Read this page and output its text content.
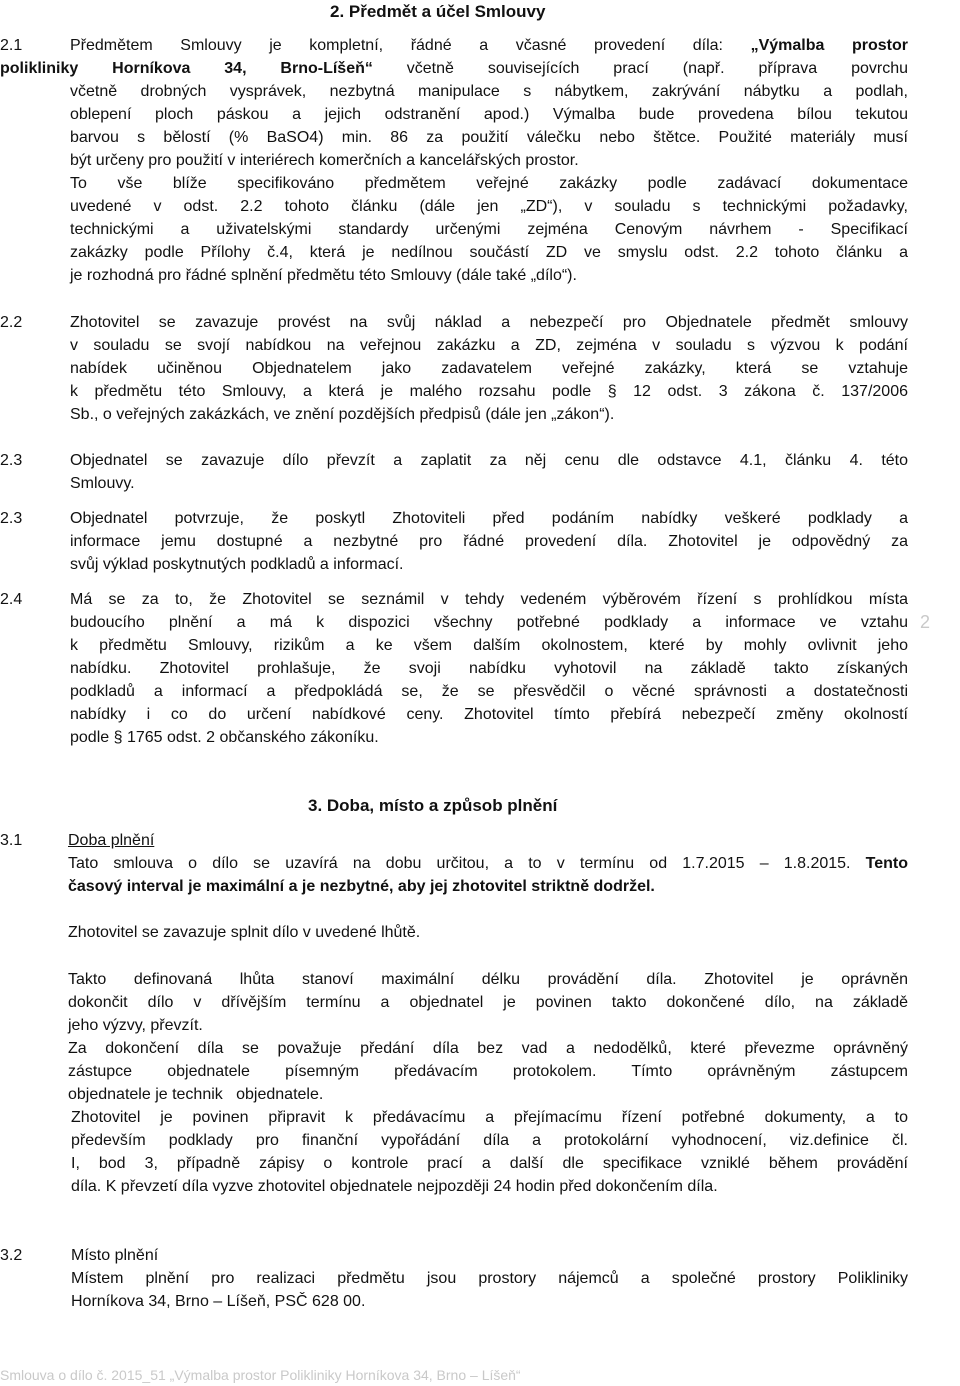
2. Předmět a účel Smlouvy
2.1	Předmětem Smlouvy je kompletní, řádné a včasné provedení díla: „Výmalba prostor
polikliniky Horníkova 34, Brno-Líšeň“ včetně souvisejících prací (např. příprava povrchu
včetně drobných vysprávek, nezbytná manipulace s nábytkem, zakrývání nábytku a podlah,
oblepení ploch páskou a jejich odstranění apod.) Výmalba bude provedena bílou tekutou
barvou s bělostí (% BaSO4) min. 86 za použití válečku nebo štětce. Použité materiály musí
být určeny pro použití v interiérech komerčních a kancelářských prostor.
To vše blíže specifikováno předmětem veřejné zakázky podle zadávací dokumentace
uvedené v odst. 2.2 tohoto článku (dále jen „ZD“), v souladu s technickými požadavky,
technickými a uživatelskými standardy určenými zejména Cenovým návrhem - Specifikací
zakázky podle Přílohy č.4, která je nedílnou součástí ZD ve smyslu odst. 2.2 tohoto článku a
je rozhodná pro řádné splnění předmětu této Smlouvy (dále také „dílo“).
2.2	Zhotovitel se zavazuje provést na svůj náklad a nebezpečí pro Objednatele předmět smlouvy
v souladu se svojí nabídkou na veřejnou zakázku a ZD, zejména v souladu s výzvou k podání
nabídek učiněnou Objednatelem jako zadavatelem veřejné zakázky, která se vztahuje
k předmětu této Smlouvy, a která je malého rozsahu podle § 12 odst. 3 zákona č. 137/2006
Sb., o veřejných zakázkách, ve znění pozdějších předpisů (dále jen „zákon“).
2.3	Objednatel se zavazuje dílo převzít a zaplatit za něj cenu dle odstavce 4.1, článku 4. této
Smlouvy.
2.3	Objednatel potvrzuje, že poskytl Zhotoviteli před podáním nabídky veškeré podklady a
informace jemu dostupné a nezbytné pro řádné provedení díla. Zhotovitel je odpovědný za
svůj výklad poskytnutých podkladů a informací.
2.4	Má se za to, že Zhotovitel se seznámil v tehdy vedeném výběrovém řízení s prohlídkou místa
budoucího plnění a má k dispozici všechny potřebné podklady a informace ve vztahu
k předmětu Smlouvy, rizikům a ke všem dalším okolnostem, které by mohly ovlivnit jeho
nabídku. Zhotovitel prohlašuje, že svoji nabídku vyhotovil na základě takto získaných
podkladů a informací a předpokládá se, že se přesvědčil o věcné správnosti a dostatečnosti
nabídky i co do určení nabídkové ceny. Zhotovitel tímto přebírá nebezpečí změny okolností
podle § 1765 odst. 2 občanského zákoníku.
3. Doba, místo a způsob plnění
3.1	Doba plnění
Tato smlouva o dílo se uzavírá na dobu určitou, a to v termínu od 1.7.2015 – 1.8.2015. Tento
časový interval je maximální a je nezbytné, aby jej zhotovitel striktně dodržel.
Zhotovitel se zavazuje splnit dílo v uvedené lhůtě.
Takto definovaná lhůta stanoví maximální délku provádění díla. Zhotovitel je oprávněn
dokončit dílo v dřívějším termínu a objednatel je povinen takto dokončené dílo, na základě
jeho výzvy, převzít.
Za dokončení díla se považuje předání díla bez vad a nedodělků, které převezme oprávněný
zástupce objednatele písemným předávacím protokolem. Tímto oprávněným zástupcem
objednatele je technik   objednatele.
Zhotovitel je povinen připravit k předávacímu a přejímacímu řízení potřebné dokumenty, a to
především podklady pro finanční vypořádání díla a protokolární vyhodnocení, viz.definice čl.
I, bod 3, případně zápisy o kontrole prací a další dle specifikace vzniklé během provádění
díla. K převzetí díla vyzve zhotovitel objednatele nejpozději 24 hodin před dokončením díla.
3.2	Místo plnění
Místem plnění pro realizaci předmětu jsou prostory nájemců a společné prostory Polikliniky
Horníkova 34, Brno – Líšeň, PSČ 628 00.
2
Smlouva o dílo č. 2015_51 „Výmalba prostor Polikliniky Horníkova 34, Brno – Líšeň“
